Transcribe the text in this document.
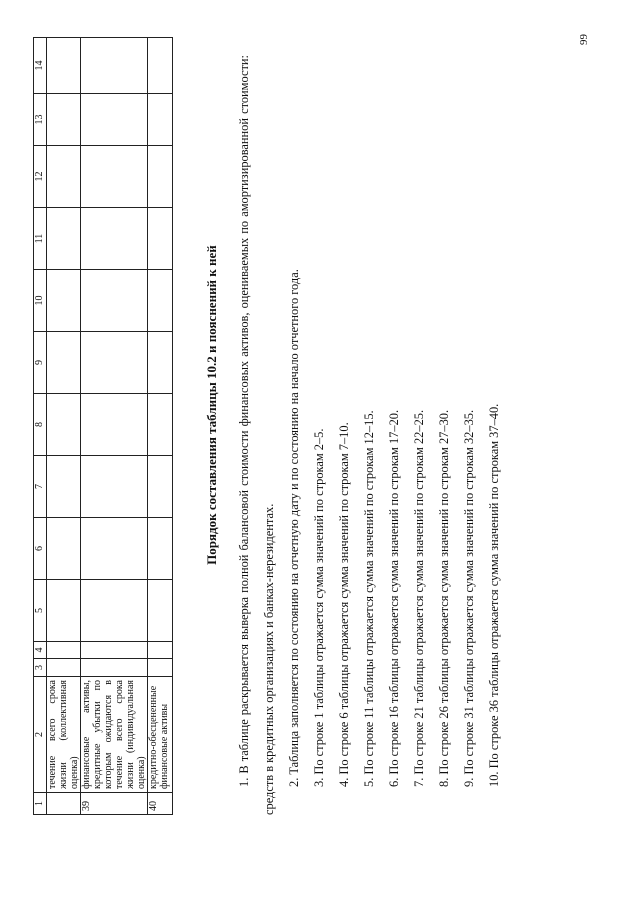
99
1	2	3	4	5	6	7	8	9	10	11	12	13	14
	течение всего срока жизни (коллективная оценка)												
39	финансовые активы, кредитные убытки по которым ожидаются в течение всего срока жизни (индивидуальная оценка)												
40	кредитно-обесцененные финансовые активы												
Порядок составления таблицы 10.2 и пояснений к ней	1. В таблице раскрывается выверка полной балансовой стоимости финансовых активов, оцениваемых по амортизированной стоимости: средств в кредитных организациях и банках-нерезидентах. 2. Таблица заполняется по состоянию на отчетную дату и по состоянию на начало отчетного года. 3. По строке 1 таблицы отражается сумма значений по строкам 2–5. 4. По строке 6 таблицы отражается сумма значений по строкам 7–10. 5. По строке 11 таблицы отражается сумма значений по строкам 12–15. 6. По строке 16 таблицы отражается сумма значений по строкам 17–20. 7. По строке 21 таблицы отражается сумма значений по строкам 22–25. 8. По строке 26 таблицы отражается сумма значений по строкам 27–30. 9. По строке 31 таблицы отражается сумма значений по строкам 32–35. 10. По строке 36 таблицы отражается сумма значений по строкам 37–40.
